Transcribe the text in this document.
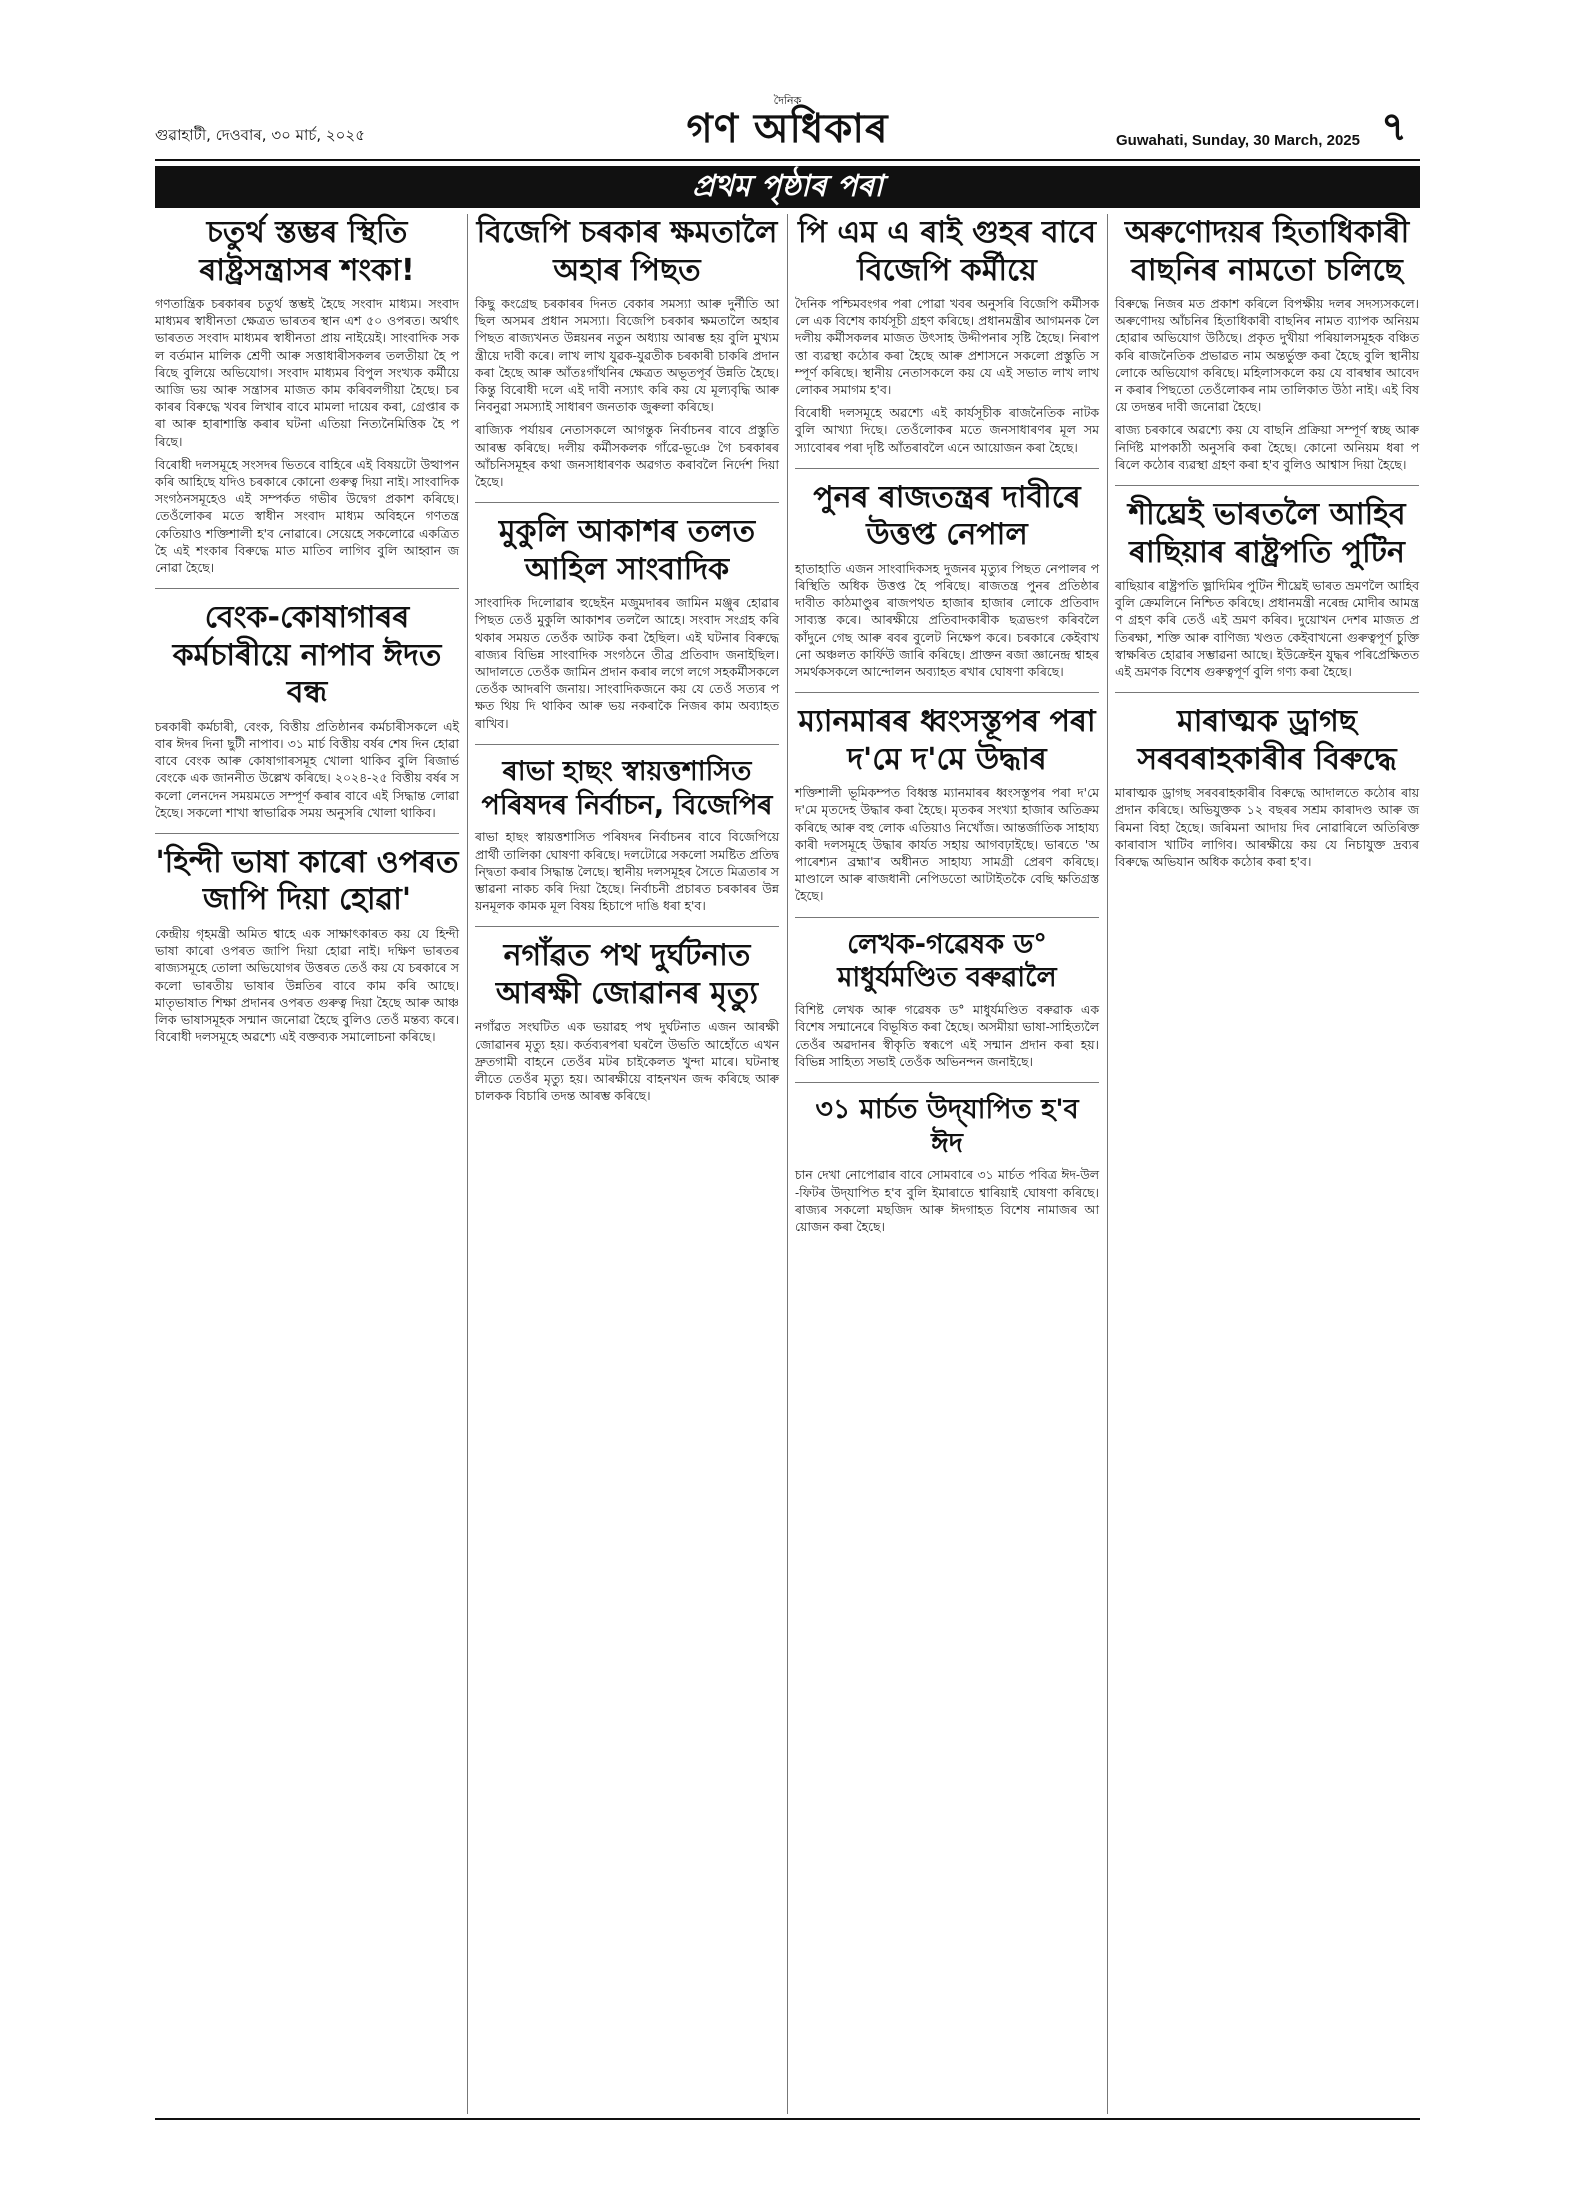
গুৱাহাটী, দেওবাৰ, ৩০ মাৰ্চ, ২০২৫
দৈনিক
গণ অধিকাৰ	Guwahati, Sunday, 30 March, 2025 ৭
প্ৰথম পৃষ্ঠাৰ পৰা
চতুৰ্থ স্তম্ভৰ স্থিতি ৰাষ্ট্ৰসন্ত্ৰাসৰ শংকা!

গণতান্ত্ৰিক চৰকাৰৰ চতুৰ্থ স্তম্ভই হৈছে সংবাদ মাধ্যম। সংবাদ মাধ্যমৰ স্বাধীনতা ক্ষেত্ৰত ভাৰতৰ স্থান এশ ৫০ ওপৰত। অৰ্থাৎ ভাৰতত সংবাদ মাধ্যমৰ স্বাধীনতা প্ৰায় নাইয়েই। সাংবাদিক সকল বৰ্তমান মালিক শ্ৰেণী আৰু সত্তাধাৰীসকলৰ তলতীয়া হৈ পৰিছে বুলিয়ে অভিযোগ। সংবাদ মাধ্যমৰ বিপুল সংখ্যক কৰ্মীয়ে আজি ভয় আৰু সন্ত্ৰাসৰ মাজত কাম কৰিবলগীয়া হৈছে। চৰকাৰৰ বিৰুদ্ধে খবৰ লিখাৰ বাবে মামলা দায়েৰ কৰা, গ্ৰেপ্তাৰ কৰা আৰু হাৰাশাস্তি কৰাৰ ঘটনা এতিয়া নিত্যনৈমিত্তিক হৈ পৰিছে।

বিৰোধী দলসমূহে সংসদৰ ভিতৰে বাহিৰে এই বিষয়টো উত্থাপন কৰি আহিছে যদিও চৰকাৰে কোনো গুৰুত্ব দিয়া নাই। সাংবাদিক সংগঠনসমূহেও এই সম্পৰ্কত গভীৰ উদ্বেগ প্ৰকাশ কৰিছে। তেওঁলোকৰ মতে স্বাধীন সংবাদ মাধ্যম অবিহনে গণতন্ত্ৰ কেতিয়াও শক্তিশালী হ'ব নোৱাৰে। সেয়েহে সকলোৱে একত্ৰিত হৈ এই শংকাৰ বিৰুদ্ধে মাত মাতিব লাগিব বুলি আহ্বান জনোৱা হৈছে।

বেংক-কোষাগাৰৰ কৰ্মচাৰীয়ে নাপাব ঈদত বন্ধ

চৰকাৰী কৰ্মচাৰী, বেংক, বিত্তীয় প্ৰতিষ্ঠানৰ কৰ্মচাৰীসকলে এইবাৰ ঈদৰ দিনা ছুটী নাপাব। ৩১ মাৰ্চ বিত্তীয় বৰ্ষৰ শেষ দিন হোৱা বাবে বেংক আৰু কোষাগাৰসমূহ খোলা থাকিব বুলি ৰিজাৰ্ভ বেংকে এক জাননীত উল্লেখ কৰিছে। ২০২৪-২৫ বিত্তীয় বৰ্ষৰ সকলো লেনদেন সময়মতে সম্পূৰ্ণ কৰাৰ বাবে এই সিদ্ধান্ত লোৱা হৈছে। সকলো শাখা স্বাভাৱিক সময় অনুসৰি খোলা থাকিব।

'হিন্দী ভাষা কাৰো ওপৰত জাপি দিয়া হোৱা'

কেন্দ্ৰীয় গৃহমন্ত্ৰী অমিত শ্বাহে এক সাক্ষাৎকাৰত কয় যে হিন্দী ভাষা কাৰো ওপৰত জাপি দিয়া হোৱা নাই। দক্ষিণ ভাৰতৰ ৰাজ্যসমূহে তোলা অভিযোগৰ উত্তৰত তেওঁ কয় যে চৰকাৰে সকলো ভাৰতীয় ভাষাৰ উন্নতিৰ বাবে কাম কৰি আছে। মাতৃভাষাত শিক্ষা প্ৰদানৰ ওপৰত গুৰুত্ব দিয়া হৈছে আৰু আঞ্চলিক ভাষাসমূহক সন্মান জনোৱা হৈছে বুলিও তেওঁ মন্তব্য কৰে। বিৰোধী দলসমূহে অৱশ্যে এই বক্তব্যক সমালোচনা কৰিছে।

বিজেপি চৰকাৰ ক্ষমতালৈ অহাৰ পিছত

কিছু কংগ্ৰেছ চৰকাৰৰ দিনত বেকাৰ সমস্যা আৰু দুৰ্নীতি আছিল অসমৰ প্ৰধান সমস্যা। বিজেপি চৰকাৰ ক্ষমতালৈ অহাৰ পিছত ৰাজ্যখনত উন্নয়নৰ নতুন অধ্যায় আৰম্ভ হয় বুলি মুখ্যমন্ত্ৰীয়ে দাবী কৰে। লাখ লাখ যুৱক-যুৱতীক চৰকাৰী চাকৰি প্ৰদান কৰা হৈছে আৰু আঁতঃগাঁথনিৰ ক্ষেত্ৰত অভূতপূৰ্ব উন্নতি হৈছে। কিন্তু বিৰোধী দলে এই দাবী নস্যাৎ কৰি কয় যে মূল্যবৃদ্ধি আৰু নিবনুৱা সমস্যাই সাধাৰণ জনতাক জুৰুলা কৰিছে।

ৰাজ্যিক পৰ্যায়ৰ নেতাসকলে আগন্তুক নিৰ্বাচনৰ বাবে প্ৰস্তুতি আৰম্ভ কৰিছে। দলীয় কৰ্মীসকলক গাঁৱে-ভূঞে গৈ চৰকাৰৰ আঁচনিসমূহৰ কথা জনসাধাৰণক অৱগত কৰাবলৈ নিৰ্দেশ দিয়া হৈছে।

মুকুলি আকাশৰ তলত আহিল সাংবাদিক

সাংবাদিক দিলোৱাৰ হুছেইন মজুমদাৰৰ জামিন মঞ্জুৰ হোৱাৰ পিছত তেওঁ মুকুলি আকাশৰ তললৈ আহে। সংবাদ সংগ্ৰহ কৰি থকাৰ সময়ত তেওঁক আটক কৰা হৈছিল। এই ঘটনাৰ বিৰুদ্ধে ৰাজ্যৰ বিভিন্ন সাংবাদিক সংগঠনে তীব্ৰ প্ৰতিবাদ জনাইছিল। আদালতে তেওঁক জামিন প্ৰদান কৰাৰ লগে লগে সহকৰ্মীসকলে তেওঁক আদৰণি জনায়। সাংবাদিকজনে কয় যে তেওঁ সত্যৰ পক্ষত থিয় দি থাকিব আৰু ভয় নকৰাকৈ নিজৰ কাম অব্যাহত ৰাখিব।

ৰাভা হাছং স্বায়ত্তশাসিত পৰিষদৰ নিৰ্বাচন, বিজেপিৰ

ৰাভা হাছং স্বায়ত্তশাসিত পৰিষদৰ নিৰ্বাচনৰ বাবে বিজেপিয়ে প্ৰাৰ্থী তালিকা ঘোষণা কৰিছে। দলটোৱে সকলো সমষ্টিত প্ৰতিদ্বন্দ্বিতা কৰাৰ সিদ্ধান্ত লৈছে। স্থানীয় দলসমূহৰ সৈতে মিত্ৰতাৰ সম্ভাৱনা নাকচ কৰি দিয়া হৈছে। নিৰ্বাচনী প্ৰচাৰত চৰকাৰৰ উন্নয়নমূলক কামক মূল বিষয় হিচাপে দাঙি ধৰা হ'ব।

নগাঁৱত পথ দুৰ্ঘটনাত আৰক্ষী জোৱানৰ মৃত্যু

নগাঁৱত সংঘটিত এক ভয়াৱহ পথ দুৰ্ঘটনাত এজন আৰক্ষী জোৱানৰ মৃত্যু হয়। কৰ্তব্যৰপৰা ঘৰলৈ উভতি আহোঁতে এখন দ্ৰুতগামী বাহনে তেওঁৰ মটৰ চাইকেলত খুন্দা মাৰে। ঘটনাস্থলীতে তেওঁৰ মৃত্যু হয়। আৰক্ষীয়ে বাহনখন জব্দ কৰিছে আৰু চালকক বিচাৰি তদন্ত আৰম্ভ কৰিছে।

পি এম এ ৰাই গুহৰ বাবে বিজেপি কৰ্মীয়ে

দৈনিক পশ্চিমবংগৰ পৰা পোৱা খবৰ অনুসৰি বিজেপি কৰ্মীসকলে এক বিশেষ কাৰ্যসূচী গ্ৰহণ কৰিছে। প্ৰধানমন্ত্ৰীৰ আগমনক লৈ দলীয় কৰ্মীসকলৰ মাজত উৎসাহ উদ্দীপনাৰ সৃষ্টি হৈছে। নিৰাপত্তা ব্যৱস্থা কঠোৰ কৰা হৈছে আৰু প্ৰশাসনে সকলো প্ৰস্তুতি সম্পূৰ্ণ কৰিছে। স্থানীয় নেতাসকলে কয় যে এই সভাত লাখ লাখ লোকৰ সমাগম হ'ব।

বিৰোধী দলসমূহে অৱশ্যে এই কাৰ্যসূচীক ৰাজনৈতিক নাটক বুলি আখ্যা দিছে। তেওঁলোকৰ মতে জনসাধাৰণৰ মূল সমস্যাবোৰৰ পৰা দৃষ্টি আঁতৰাবলৈ এনে আয়োজন কৰা হৈছে।

পুনৰ ৰাজতন্ত্ৰৰ দাবীৰে উত্তপ্ত নেপাল

হাতাহাতি এজন সাংবাদিকসহ দুজনৰ মৃত্যুৰ পিছত নেপালৰ পৰিস্থিতি অধিক উত্তপ্ত হৈ পৰিছে। ৰাজতন্ত্ৰ পুনৰ প্ৰতিষ্ঠাৰ দাবীত কাঠমাণ্ডুৰ ৰাজপথত হাজাৰ হাজাৰ লোকে প্ৰতিবাদ সাব্যস্ত কৰে। আৰক্ষীয়ে প্ৰতিবাদকাৰীক ছত্ৰভংগ কৰিবলৈ কাঁদুনে গেছ আৰু ৰবৰ বুলেট নিক্ষেপ কৰে। চৰকাৰে কেইবাখনো অঞ্চলত কাৰ্ফিউ জাৰি কৰিছে। প্ৰাক্তন ৰজা জ্ঞানেন্দ্ৰ শ্বাহৰ সমৰ্থকসকলে আন্দোলন অব্যাহত ৰখাৰ ঘোষণা কৰিছে।

ম্যানমাৰৰ ধ্বংসস্তূপৰ পৰা দ'মে দ'মে উদ্ধাৰ

শক্তিশালী ভূমিকম্পত বিধ্বস্ত ম্যানমাৰৰ ধ্বংসস্তূপৰ পৰা দ'মে দ'মে মৃতদেহ উদ্ধাৰ কৰা হৈছে। মৃতকৰ সংখ্যা হাজাৰ অতিক্ৰম কৰিছে আৰু বহু লোক এতিয়াও নিখোঁজ। আন্তৰ্জাতিক সাহায্যকাৰী দলসমূহে উদ্ধাৰ কাৰ্যত সহায় আগবঢ়াইছে। ভাৰতে 'অপাৰেশ্যন ব্ৰহ্মা'ৰ অধীনত সাহায্য সামগ্ৰী প্ৰেৰণ কৰিছে। মাণ্ডালে আৰু ৰাজধানী নেপিডতো আটাইতকৈ বেছি ক্ষতিগ্ৰস্ত হৈছে।

লেখক-গৱেষক ড° মাধুৰ্যমণ্ডিত বৰুৱালৈ

বিশিষ্ট লেখক আৰু গৱেষক ড° মাধুৰ্যমণ্ডিত বৰুৱাক এক বিশেষ সন্মানেৰে বিভূষিত কৰা হৈছে। অসমীয়া ভাষা-সাহিত্যলৈ তেওঁৰ অৱদানৰ স্বীকৃতি স্বৰূপে এই সন্মান প্ৰদান কৰা হয়। বিভিন্ন সাহিত্য সভাই তেওঁক অভিনন্দন জনাইছে।

৩১ মাৰ্চত উদ্‌যাপিত হ'ব ঈদ

চান দেখা নোপোৱাৰ বাবে সোমবাৰে ৩১ মাৰ্চত পবিত্ৰ ঈদ-উল-ফিটৰ উদ্‌যাপিত হ'ব বুলি ইমাৰাতে শ্বাৰিয়াই ঘোষণা কৰিছে। ৰাজ্যৰ সকলো মছজিদ আৰু ঈদগাহত বিশেষ নামাজৰ আয়োজন কৰা হৈছে।

অৰুণোদয়ৰ হিতাধিকাৰী বাছনিৰ নামতো চলিছে

বিৰুদ্ধে নিজৰ মত প্ৰকাশ কৰিলে বিপক্ষীয় দলৰ সদস্যসকলে। অৰুণোদয় আঁচনিৰ হিতাধিকাৰী বাছনিৰ নামত ব্যাপক অনিয়ম হোৱাৰ অভিযোগ উঠিছে। প্ৰকৃত দুখীয়া পৰিয়ালসমূহক বঞ্চিত কৰি ৰাজনৈতিক প্ৰভাৱত নাম অন্তৰ্ভুক্ত কৰা হৈছে বুলি স্থানীয় লোকে অভিযোগ কৰিছে। মহিলাসকলে কয় যে বাৰম্বাৰ আবেদন কৰাৰ পিছতো তেওঁলোকৰ নাম তালিকাত উঠা নাই। এই বিষয়ে তদন্তৰ দাবী জনোৱা হৈছে।

ৰাজ্য চৰকাৰে অৱশ্যে কয় যে বাছনি প্ৰক্ৰিয়া সম্পূৰ্ণ স্বচ্ছ আৰু নিৰ্দিষ্ট মাপকাঠী অনুসৰি কৰা হৈছে। কোনো অনিয়ম ধৰা পৰিলে কঠোৰ ব্যৱস্থা গ্ৰহণ কৰা হ'ব বুলিও আশ্বাস দিয়া হৈছে।

শীঘ্ৰেই ভাৰতলৈ আহিব ৰাছিয়াৰ ৰাষ্ট্ৰপতি পুটিন

ৰাছিয়াৰ ৰাষ্ট্ৰপতি ভ্লাদিমিৰ পুটিন শীঘ্ৰেই ভাৰত ভ্ৰমণলৈ আহিব বুলি ক্ৰেমলিনে নিশ্চিত কৰিছে। প্ৰধানমন্ত্ৰী নৰেন্দ্ৰ মোদীৰ আমন্ত্ৰণ গ্ৰহণ কৰি তেওঁ এই ভ্ৰমণ কৰিব। দুয়োখন দেশৰ মাজত প্ৰতিৰক্ষা, শক্তি আৰু বাণিজ্য খণ্ডত কেইবাখনো গুৰুত্বপূৰ্ণ চুক্তি স্বাক্ষৰিত হোৱাৰ সম্ভাৱনা আছে। ইউক্ৰেইন যুদ্ধৰ পৰিপ্ৰেক্ষিতত এই ভ্ৰমণক বিশেষ গুৰুত্বপূৰ্ণ বুলি গণ্য কৰা হৈছে।

মাৰাত্মক ড্ৰাগছ সৰবৰাহকাৰীৰ বিৰুদ্ধে

মাৰাত্মক ড্ৰাগছ সৰবৰাহকাৰীৰ বিৰুদ্ধে আদালতে কঠোৰ ৰায় প্ৰদান কৰিছে। অভিযুক্তক ১২ বছৰৰ সশ্ৰম কাৰাদণ্ড আৰু জৰিমনা বিহা হৈছে। জৰিমনা আদায় দিব নোৱাৰিলে অতিৰিক্ত কাৰাবাস খাটিব লাগিব। আৰক্ষীয়ে কয় যে নিচাযুক্ত দ্ৰব্যৰ বিৰুদ্ধে অভিযান অধিক কঠোৰ কৰা হ'ব।
